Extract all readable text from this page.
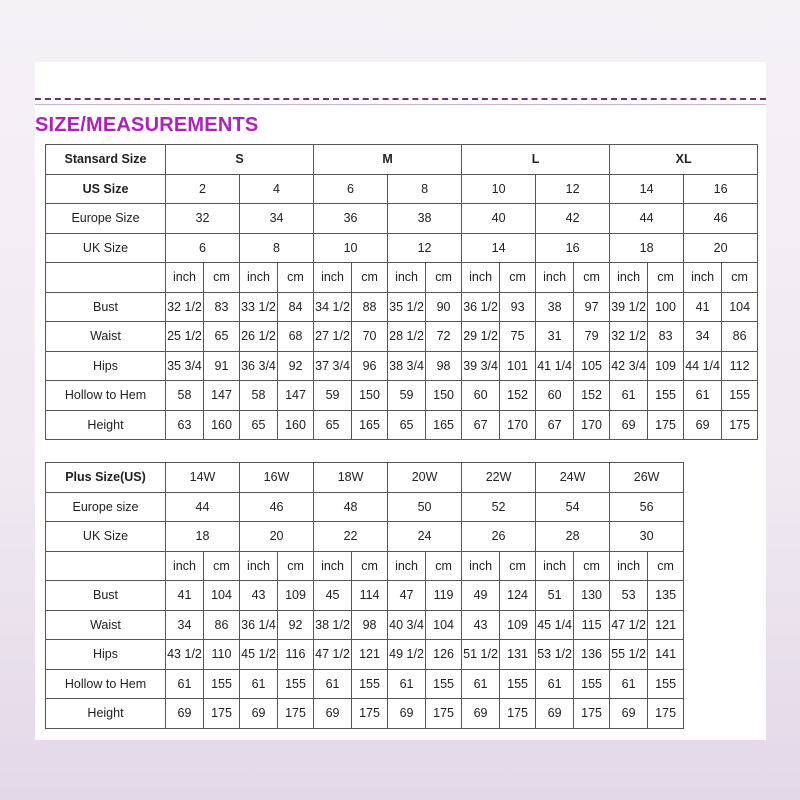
SIZE/MEASUREMENTS
Stansard Size	S				M				L				XL			
US Size	2		4		6		8		10		12		14		16	
Europe Size	32		34		36		38		40		42		44		46	
UK Size	6		8		10		12		14		16		18		20	
	inch	cm	inch	cm	inch	cm	inch	cm	inch	cm	inch	cm	inch	cm	inch	cm
Bust	32 1/2	83	33 1/2	84	34 1/2	88	35 1/2	90	36 1/2	93	38	97	39 1/2	100	41	104
Waist	25 1/2	65	26 1/2	68	27 1/2	70	28 1/2	72	29 1/2	75	31	79	32 1/2	83	34	86
Hips	35 3/4	91	36 3/4	92	37 3/4	96	38 3/4	98	39 3/4	101	41 1/4	105	42 3/4	109	44 1/4	112
Hollow to Hem	58	147	58	147	59	150	59	150	60	152	60	152	61	155	61	155
Height	63	160	65	160	65	165	65	165	67	170	67	170	69	175	69	175
Plus Size(US)	14W		16W		18W		20W		22W		24W		26W		
Europe size	44		46		48		50		52		54		56		
UK Size	18		20		22		24		26		28		30		
	inch	cm	inch	cm	inch	cm	inch	cm	inch	cm	inch	cm	inch	cm	
Bust	41	104	43	109	45	114	47	119	49	124	51	130	53	135	
Waist	34	86	36 1/4	92	38 1/2	98	40 3/4	104	43	109	45 1/4	115	47 1/2	121	
Hips	43 1/2	110	45 1/2	116	47 1/2	121	49 1/2	126	51 1/2	131	53 1/2	136	55 1/2	141	
Hollow to Hem	61	155	61	155	61	155	61	155	61	155	61	155	61	155	
Height	69	175	69	175	69	175	69	175	69	175	69	175	69	175	
